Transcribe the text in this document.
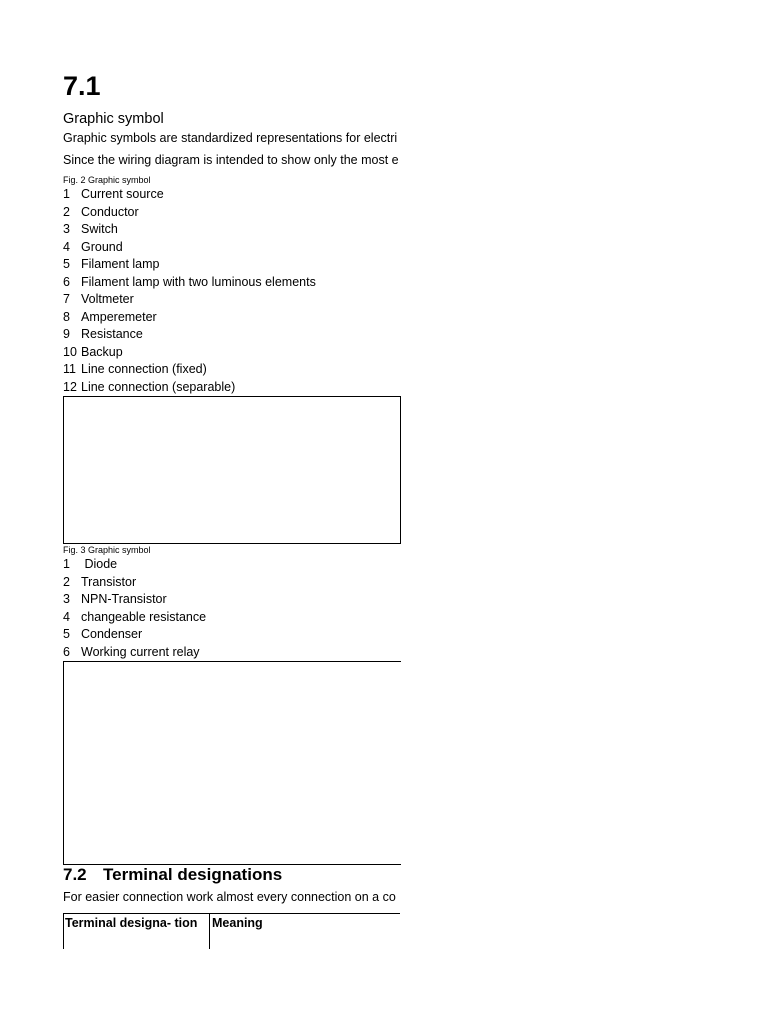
7.1
Graphic symbol
Graphic symbols are standardized representations for electri
Since the wiring diagram is intended to show only the most e
Fig. 2 Graphic symbol
1 Current source
2 Conductor
3 Switch
4 Ground
5 Filament lamp
6 Filament lamp with two luminous elements
7 Voltmeter
8 Amperemeter
9 Resistance
10 Backup
11 Line connection (fixed)
12 Line connection (separable)
Fig. 3 Graphic symbol
1 Diode
2 Transistor
3 NPN-Transistor
4 changeable resistance
5 Condenser
6 Working current relay
7.2 Terminal designations
For easier connection work almost every connection on a co
Terminal designa- tion	Meaning
